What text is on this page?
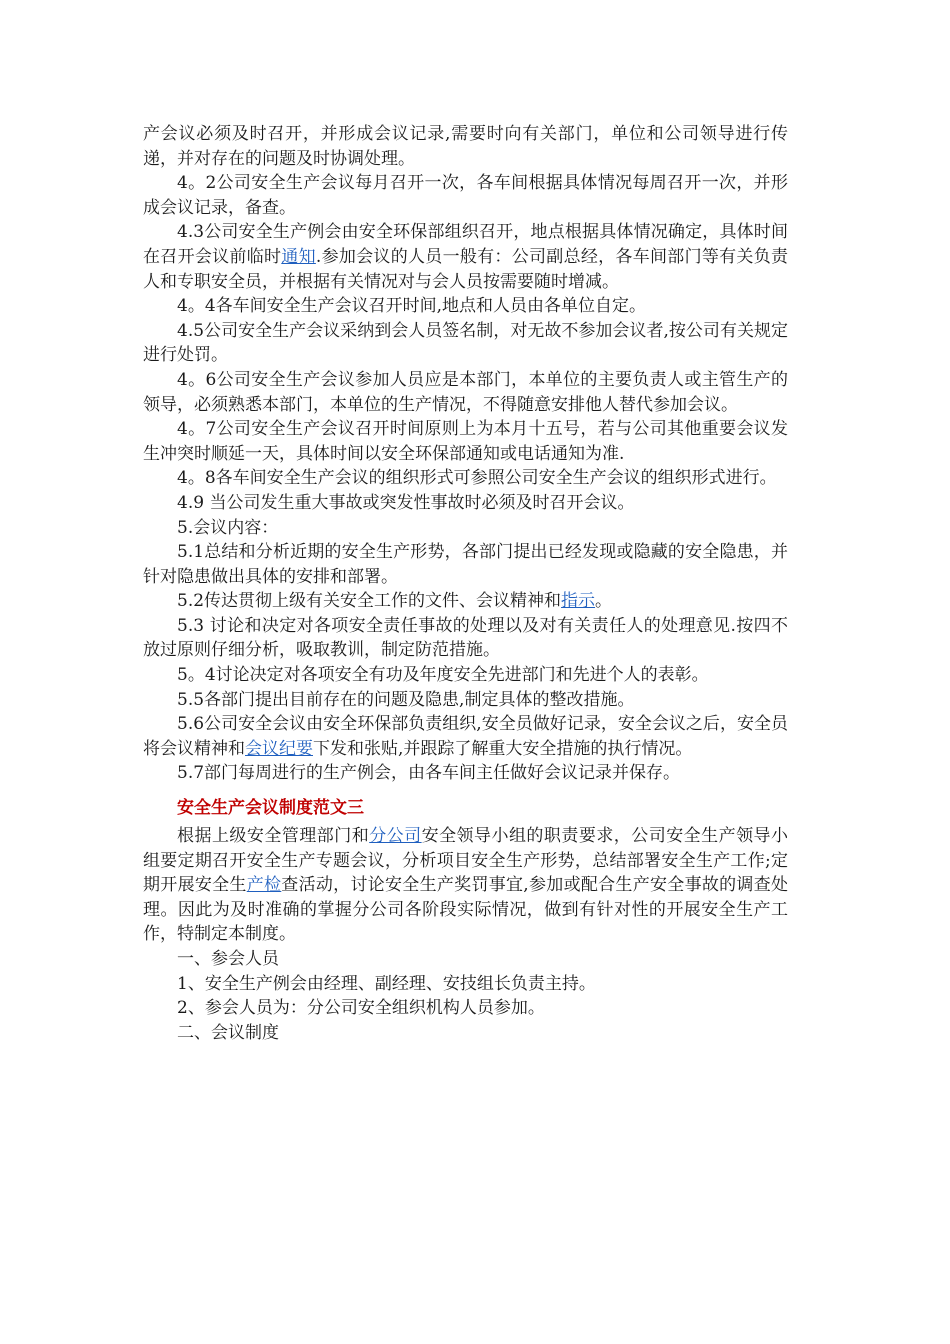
产会议必须及时召开，并形成会议记录,需要时向有关部门，单位和公司领导进行传递，并对存在的问题及时协调处理。

4。2公司安全生产会议每月召开一次，各车间根据具体情况每周召开一次，并形成会议记录，备查。

4.3公司安全生产例会由安全环保部组织召开，地点根据具体情况确定，具体时间在召开会议前临时通知.参加会议的人员一般有：公司副总经，各车间部门等有关负责人和专职安全员，并根据有关情况对与会人员按需要随时增减。

4。4各车间安全生产会议召开时间,地点和人员由各单位自定。

4.5公司安全生产会议采纳到会人员签名制，对无故不参加会议者,按公司有关规定进行处罚。

4。6公司安全生产会议参加人员应是本部门，本单位的主要负责人或主管生产的领导，必须熟悉本部门，本单位的生产情况，不得随意安排他人替代参加会议。

4。7公司安全生产会议召开时间原则上为本月十五号，若与公司其他重要会议发生冲突时顺延一天，具体时间以安全环保部通知或电话通知为准.

4。8各车间安全生产会议的组织形式可参照公司安全生产会议的组织形式进行。

4.9 当公司发生重大事故或突发性事故时必须及时召开会议。

5.会议内容：

5.1总结和分析近期的安全生产形势，各部门提出已经发现或隐藏的安全隐患，并针对隐患做出具体的安排和部署。

5.2传达贯彻上级有关安全工作的文件、会议精神和指示。

5.3 讨论和决定对各项安全责任事故的处理以及对有关责任人的处理意见.按四不放过原则仔细分析，吸取教训，制定防范措施。

5。4讨论决定对各项安全有功及年度安全先进部门和先进个人的表彰。

5.5各部门提出目前存在的问题及隐患,制定具体的整改措施。

5.6公司安全会议由安全环保部负责组织,安全员做好记录，安全会议之后，安全员将会议精神和会议纪要下发和张贴,并跟踪了解重大安全措施的执行情况。

5.7部门每周进行的生产例会，由各车间主任做好会议记录并保存。

安全生产会议制度范文三

根据上级安全管理部门和分公司安全领导小组的职责要求，公司安全生产领导小组要定期召开安全生产专题会议，分析项目安全生产形势，总结部署安全生产工作;定期开展安全生产检查活动，讨论安全生产奖罚事宜,参加或配合生产安全事故的调查处理。因此为及时准确的掌握分公司各阶段实际情况，做到有针对性的开展安全生产工作，特制定本制度。

一、参会人员

1、安全生产例会由经理、副经理、安技组长负责主持。

2、参会人员为：分公司安全组织机构人员参加。

二、会议制度
